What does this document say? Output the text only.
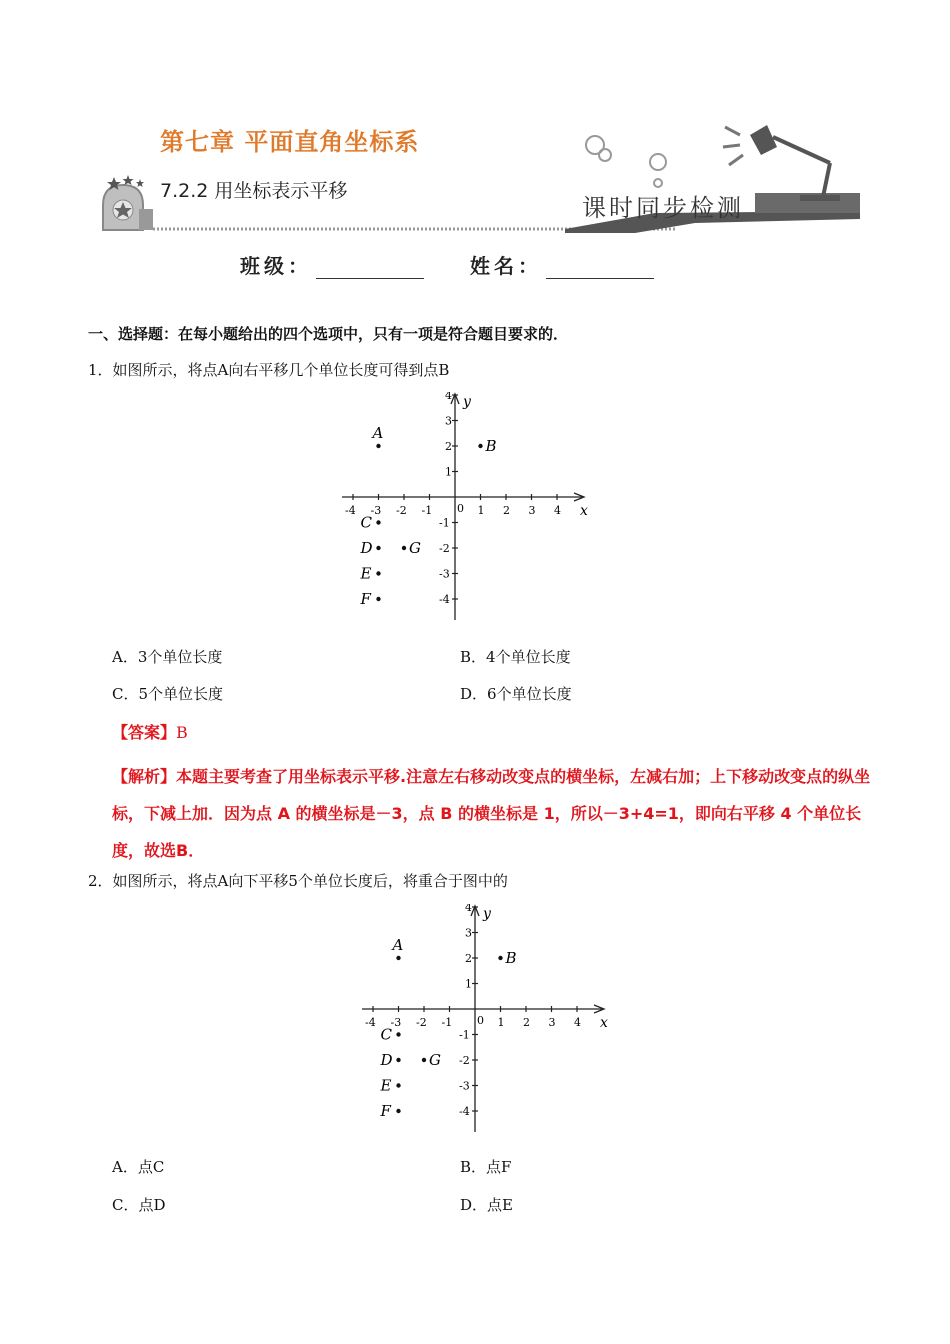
第七章 平面直角坐标系
7.2.2 用坐标表示平移
课时同步检测
班级：	姓名：
一、选择题：在每小题给出的四个选项中，只有一项是符合题目要求的．
1．如图所示，将点A向右平移几个单位长度可得到点B
x
y
0
-4 -3 -2 -1	1 2 3 4
4
3
2
1
-1
-2
-3
-4
A
B
C
D G
E
F
A．3个单位长度	B．4个单位长度
C．5个单位长度	D．6个单位长度
【答案】B
【解析】本题主要考查了用坐标表示平移.注意左右移动改变点的横坐标，左减右加；上下移动改变点的纵坐标，下减上加．因为点 A 的横坐标是－3，点 B 的横坐标是 1，所以－3+4=1，即向右平移 4 个单位长度，故选B．
2．如图所示，将点A向下平移5个单位长度后，将重合于图中的
x
y
0
-4 -3 -2 -1	1 2 3 4
4
3
2
1
-1
-2
-3
-4
A
B
C
D G
E
F
A．点C	B．点F
C．点D	D．点E
